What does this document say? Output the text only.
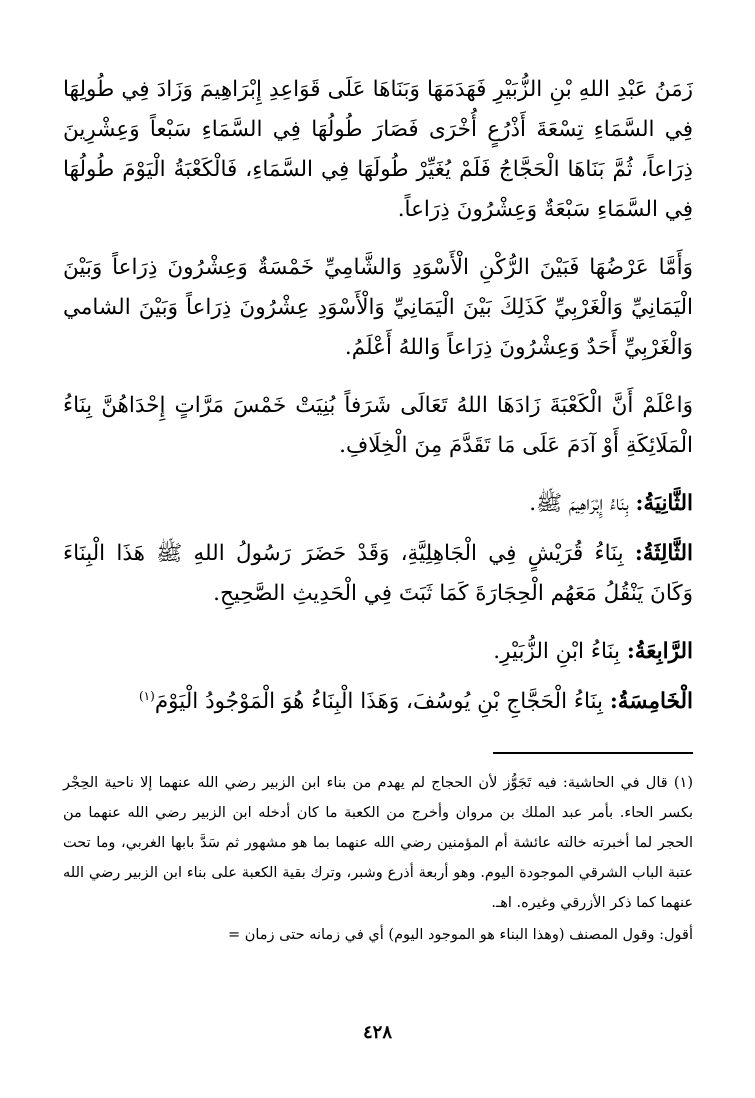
زَمَنُ عَبْدِ اللهِ بْنِ الزُّبَيْرِ فَهَدَمَهَا وَبَنَاهَا عَلَى قَوَاعِدِ إِبْرَاهِيمَ وَزَادَ فِي طُولِهَا فِي السَّمَاءِ تِسْعَةَ أَذْرُعٍ أُخْرَى فَصَارَ طُولُهَا فِي السَّمَاءِ سَبْعاً وَعِشْرِينَ ذِرَاعاً، ثُمَّ بَنَاهَا الْحَجَّاجُ فَلَمْ يُغَيِّرْ طُولَهَا فِي السَّمَاءِ، فَالْكَعْبَةُ الْيَوْمَ طُولُهَا فِي السَّمَاءِ سَبْعَةٌ وَعِشْرُونَ ذِرَاعاً.

وَأَمَّا عَرْضُهَا فَبَيْنَ الرُّكْنِ الْأَسْوَدِ وَالشَّامِيِّ خَمْسَةٌ وَعِشْرُونَ ذِرَاعاً وَبَيْنَ الْيَمَانِيِّ وَالْغَرْبِيِّ كَذَلِكَ بَيْنَ الْيَمَانِيِّ وَالْأَسْوَدِ عِشْرُونَ ذِرَاعاً وَبَيْنَ الشامي وَالْغَرْبِيِّ أَحَدٌ وَعِشْرُونَ ذِرَاعاً وَاللهُ أَعْلَمُ.

وَاعْلَمْ أَنَّ الْكَعْبَةَ زَادَهَا اللهُ تَعَالَى شَرَفاً بُنِيَتْ خَمْسَ مَرَّاتٍ إِحْدَاهُنَّ بِنَاءُ الْمَلَائِكَةِ أَوْ آدَمَ عَلَى مَا تَقَدَّمَ مِنَ الْخِلَافِ.

الثَّانِيَةُ: بِنَاءُ إِبْرَاهِيمَ ﷺ.

الثَّالِثَةُ: بِنَاءُ قُرَيْشٍ فِي الْجَاهِلِيَّةِ، وَقَدْ حَضَرَ رَسُولُ اللهِ ﷺ هَذَا الْبِنَاءَ وَكَانَ يَنْقُلُ مَعَهُم الْحِجَارَةَ كَمَا ثَبَتَ فِي الْحَدِيثِ الصَّحِيحِ.

الرَّابِعَةُ: بِنَاءُ ابْنِ الزُّبَيْرِ.

الْخَامِسَةُ: بِنَاءُ الْحَجَّاجِ بْنِ يُوسُفَ، وَهَذَا الْبِنَاءُ هُوَ الْمَوْجُودُ الْيَوْمَ$^{(١)}$

(١) قال في الحاشية: فيه تَجَوُّز لأن الحجاج لم يهدم من بناء ابن الزبير رضي الله عنهما إلا ناحية الحِجْر بكسر الحاء. بأمر عبد الملك بن مروان وأخرج من الكعبة ما كان أدخله ابن الزبير رضي الله عنهما من الحجر لما أخبرته خالته عائشة أم المؤمنين رضي الله عنهما بما هو مشهور ثم سَدَّ بابها الغربي، وما تحت عتبة الباب الشرقي الموجودة اليوم. وهو أربعة أذرع وشبر، وترك بقية الكعبة على بناء ابن الزبير رضي الله عنهما كما ذكر الأزرقي وغيره. اهـ.

أقول: وقول المصنف (وهذا البناء هو الموجود اليوم) أي في زمانه حتى زمان =

٤٢٨
